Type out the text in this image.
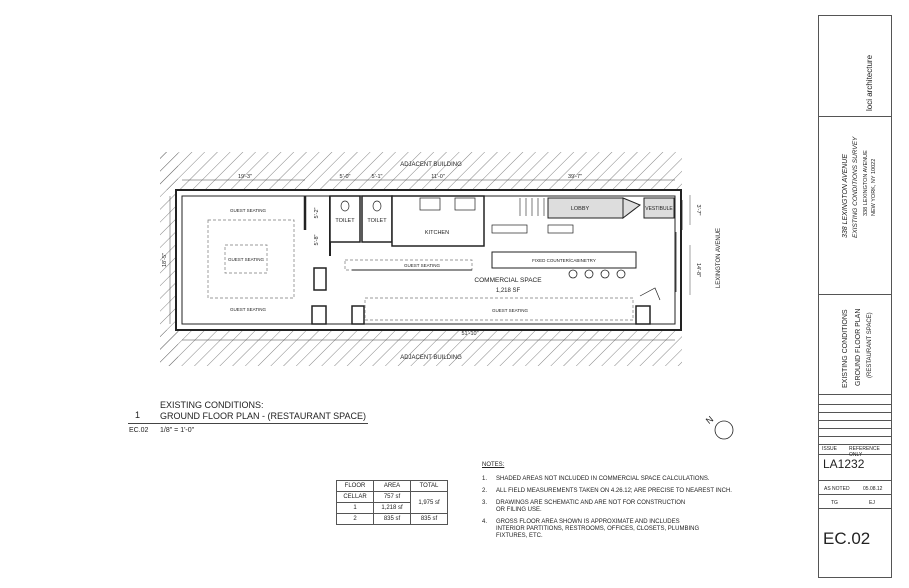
ADJACENT BUILDING
ADJACENT BUILDING
19'-3"	5'-0"	5'-1"	11'-0"	39'-7"
51'-10"
18'-5"
5'-2"
5'-8"
3'-7"
14'-8"	LEXINGTON AVENUE
TOILET TOILET
KITCHEN
LOBBY	VESTIBULE
COMMERCIAL SPACE
1,218 SF
FIXED COUNTER/CABINETRY
GUEST SEATING
GUEST SEATING
GUEST SEATING
GUEST SEATING
GUEST SEATING
N
1
EXISTING CONDITIONS:
GROUND FLOOR PLAN - (RESTAURANT SPACE)
EC.02 1/8" = 1'-0"
FLOOR	AREA	TOTAL
CELLAR	757 sf	1,975 sf
1	1,218 sf	
2	835 sf	835 sf
NOTES:
1.	SHADED AREAS NOT INCLUDED IN COMMERCIAL SPACE CALCULATIONS.
2.	ALL FIELD MEASUREMENTS TAKEN ON 4.26.12; ARE PRECISE TO NEAREST INCH.
3.	DRAWINGS ARE SCHEMATIC AND ARE NOT FOR CONSTRUCTION
OR FILING USE.
4.	GROSS FLOOR AREA SHOWN IS APPROXIMATE AND INCLUDES
INTERIOR PARTITIONS, RESTROOMS, OFFICES, CLOSETS, PLUMBING
FIXTURES, ETC.
loci architecture
338 LEXINGTON AVENUE EXISTING CONDITIONS SURVEY 338 LEXINGTON AVENUE NEW YORK, NY 10022
EXISTING CONDITIONS GROUND FLOOR PLAN (RESTAURANT SPACE)
ISSUE REFERENCE ONLY
LA1232
AS NOTED	05.08.12
TG	EJ
EC.02
